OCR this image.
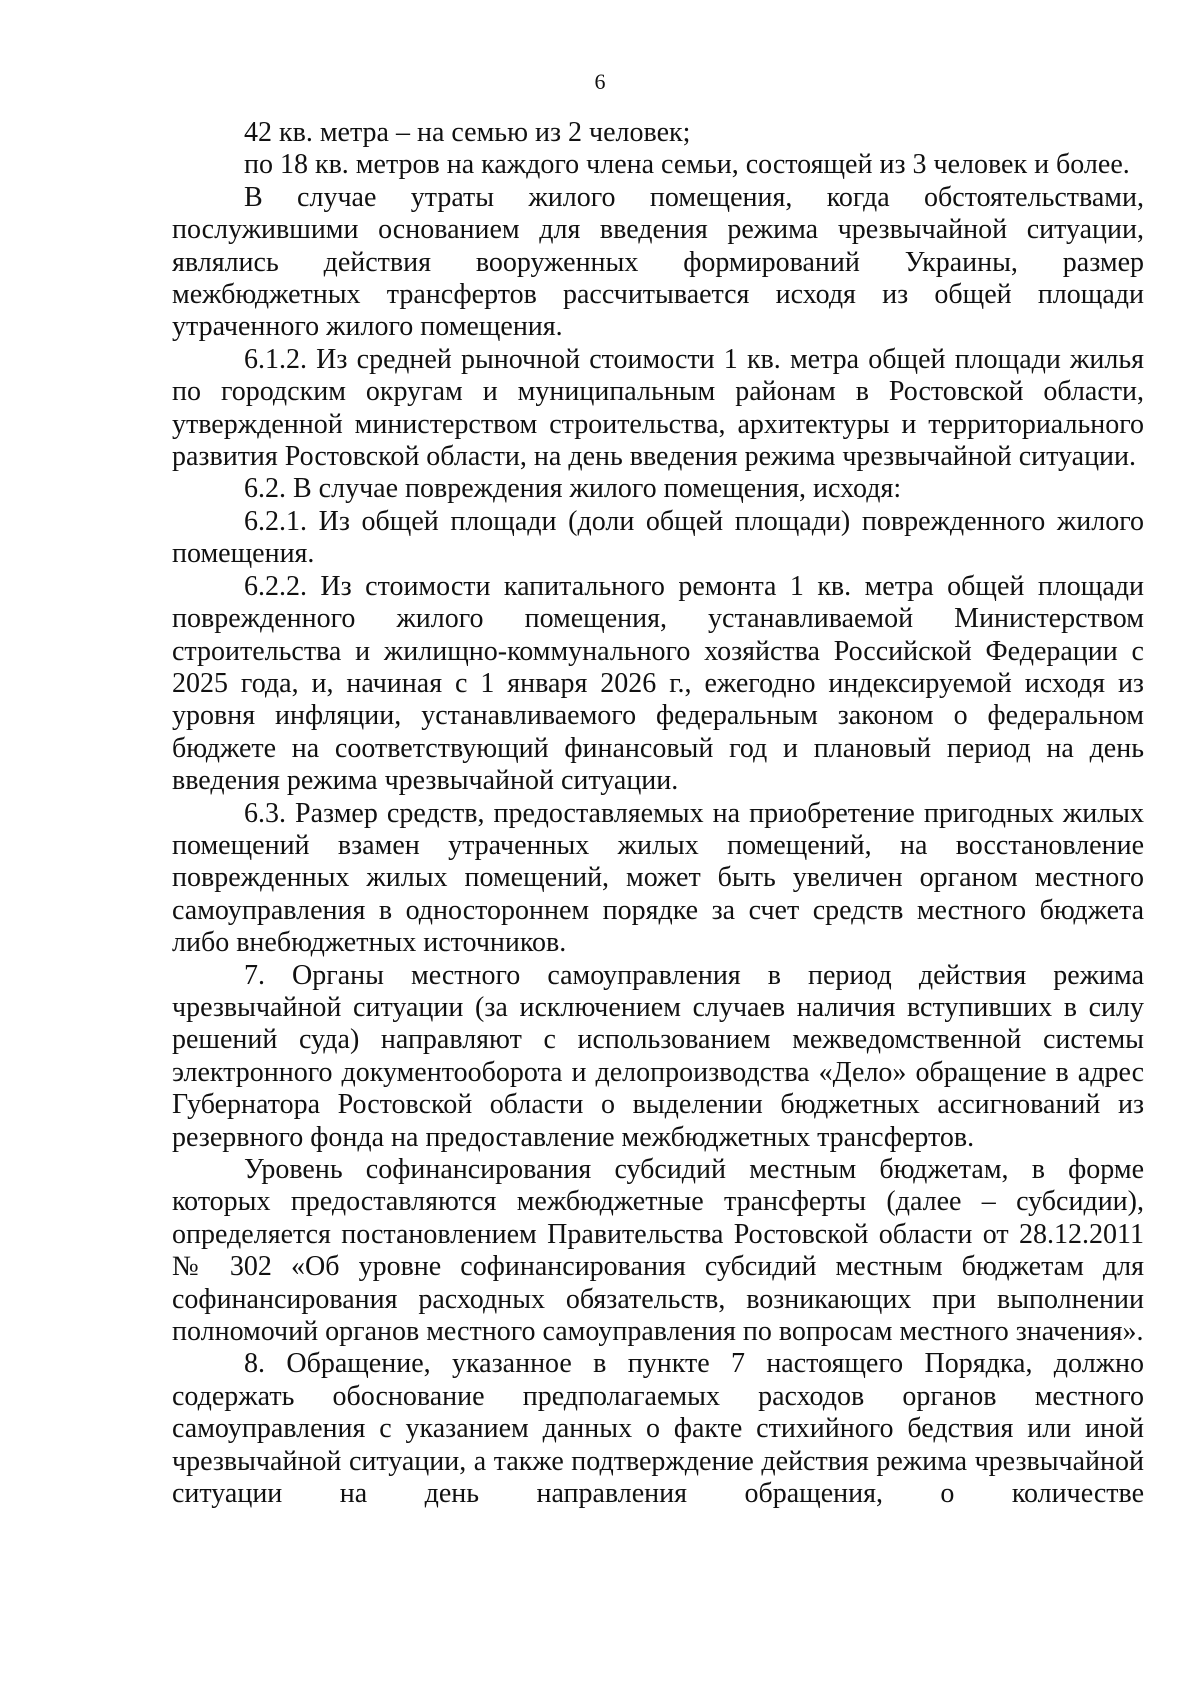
6

42 кв. метра – на семью из 2 человек;

по 18 кв. метров на каждого члена семьи, состоящей из 3 человек и более.

В случае утраты жилого помещения, когда обстоятельствами, послужившими основанием для введения режима чрезвычайной ситуации, являлись действия вооруженных формирований Украины, размер межбюджетных трансфертов рассчитывается исходя из общей площади утраченного жилого помещения.

6.1.2. Из средней рыночной стоимости 1 кв. метра общей площади жилья по городским округам и муниципальным районам в Ростовской области, утвержденной министерством строительства, архитектуры и территориального развития Ростовской области, на день введения режима чрезвычайной ситуации.

6.2. В случае повреждения жилого помещения, исходя:

6.2.1. Из общей площади (доли общей площади) поврежденного жилого помещения.

6.2.2. Из стоимости капитального ремонта 1 кв. метра общей площади поврежденного жилого помещения, устанавливаемой Министерством строительства и жилищно-коммунального хозяйства Российской Федерации с 2025 года, и, начиная с 1 января 2026 г., ежегодно индексируемой исходя из уровня инфляции, устанавливаемого федеральным законом о федеральном бюджете на соответствующий финансовый год и плановый период на день введения режима чрезвычайной ситуации.

6.3. Размер средств, предоставляемых на приобретение пригодных жилых помещений взамен утраченных жилых помещений, на восстановление поврежденных жилых помещений, может быть увеличен органом местного самоуправления в одностороннем порядке за счет средств местного бюджета либо внебюджетных источников.

7. Органы местного самоуправления в период действия режима чрезвычайной ситуации (за исключением случаев наличия вступивших в силу решений суда) направляют с использованием межведомственной системы электронного документооборота и делопроизводства «Дело» обращение в адрес Губернатора Ростовской области о выделении бюджетных ассигнований из резервного фонда на предоставление межбюджетных трансфертов.

Уровень софинансирования субсидий местным бюджетам, в форме которых предоставляются межбюджетные трансферты (далее – субсидии), определяется постановлением Правительства Ростовской области от 28.12.2011 № 302 «Об уровне софинансирования субсидий местным бюджетам для софинансирования расходных обязательств, возникающих при выполнении полномочий органов местного самоуправления по вопросам местного значения».

8. Обращение, указанное в пункте 7 настоящего Порядка, должно содержать обоснование предполагаемых расходов органов местного самоуправления с указанием данных о факте стихийного бедствия или иной чрезвычайной ситуации, а также подтверждение действия режима чрезвычайной ситуации на день направления обращения, о количестве
